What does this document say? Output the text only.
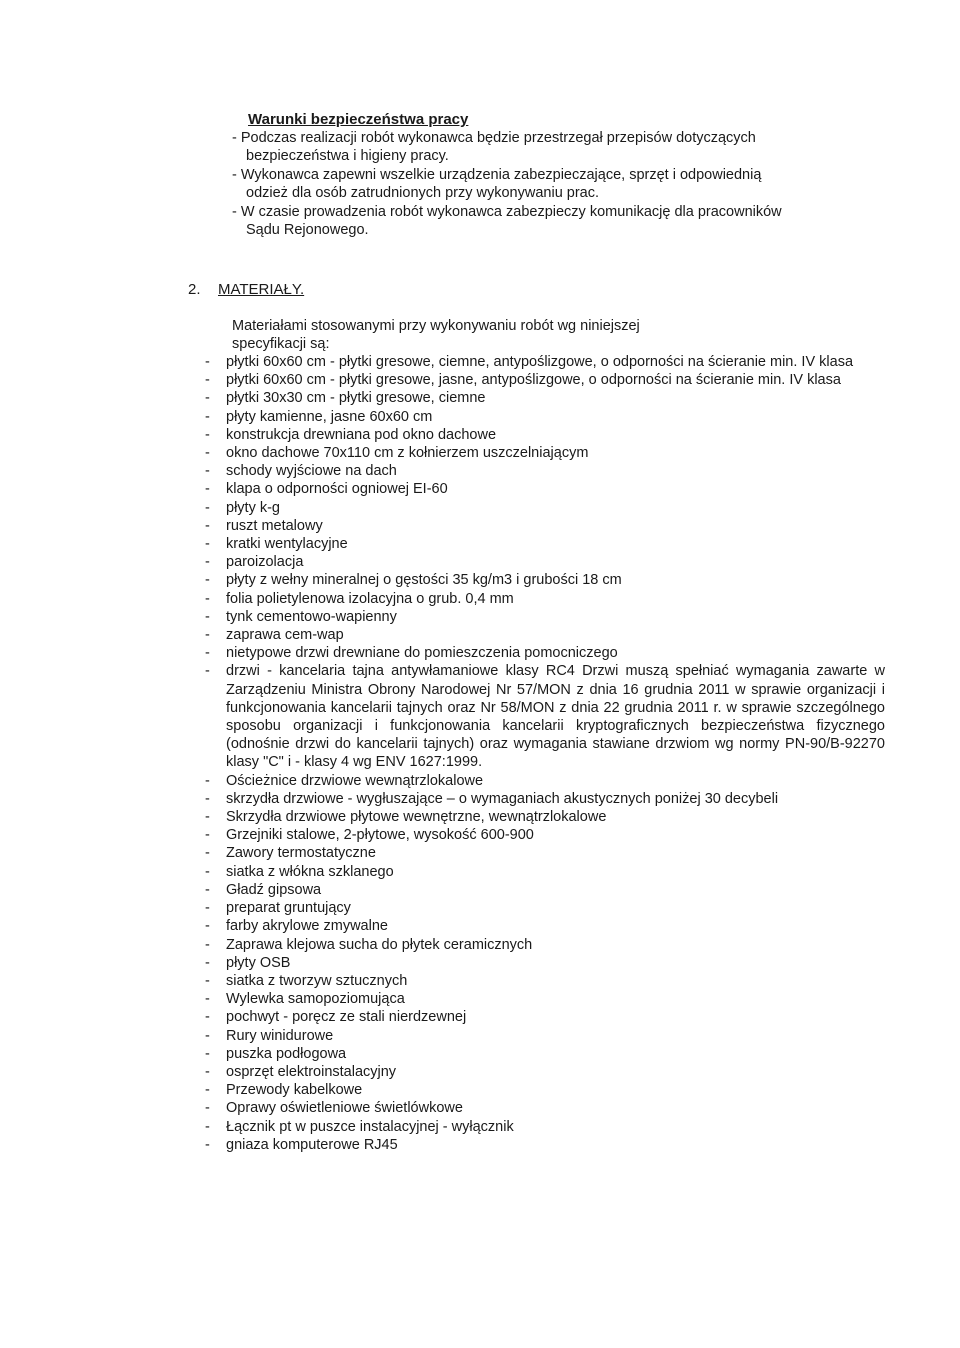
Warunki bezpieczeństwa pracy
- Podczas realizacji robót wykonawca będzie przestrzegał przepisów dotyczących bezpieczeństwa i higieny pracy.
- Wykonawca zapewni wszelkie urządzenia zabezpieczające, sprzęt i odpowiednią odzież dla osób zatrudnionych przy wykonywaniu prac.
- W czasie prowadzenia robót wykonawca zabezpieczy komunikację dla pracowników Sądu Rejonowego.
2. MATERIAŁY.
Materiałami stosowanymi przy wykonywaniu robót wg niniejszej specyfikacji są:
-	płytki 60x60 cm - płytki gresowe, ciemne, antypoślizgowe, o odporności na ścieranie min. IV klasa
-	płytki 60x60 cm - płytki gresowe, jasne, antypoślizgowe, o odporności na ścieranie min. IV klasa
-	płytki 30x30 cm - płytki gresowe, ciemne
-	płyty kamienne, jasne 60x60 cm
-	konstrukcja drewniana pod okno dachowe
-	okno dachowe 70x110 cm z kołnierzem uszczelniającym
-	schody wyjściowe na dach
-	klapa o odporności ogniowej EI-60
-	płyty k-g
-	ruszt metalowy
-	kratki wentylacyjne
-	paroizolacja
-	płyty z wełny mineralnej o gęstości 35 kg/m3 i grubości 18 cm
-	folia polietylenowa izolacyjna o grub. 0,4 mm
-	tynk cementowo-wapienny
-	zaprawa cem-wap
-	nietypowe drzwi drewniane do pomieszczenia pomocniczego
-	drzwi - kancelaria tajna antywłamaniowe klasy RC4 Drzwi muszą spełniać wymagania zawarte w Zarządzeniu Ministra Obrony Narodowej Nr 57/MON z dnia 16 grudnia 2011 w sprawie organizacji i funkcjonowania kancelarii tajnych oraz Nr 58/MON z dnia 22 grudnia 2011 r. w sprawie szczególnego sposobu organizacji i funkcjonowania kancelarii kryptograficznych bezpieczeństwa fizycznego (odnośnie drzwi do kancelarii tajnych) oraz wymagania stawiane drzwiom wg normy PN-90/B-92270 klasy "C" i - klasy 4 wg ENV 1627:1999.
-	Ościeżnice drzwiowe wewnątrzlokalowe
-	skrzydła drzwiowe - wygłuszające – o wymaganiach akustycznych poniżej 30 decybeli
-	Skrzydła drzwiowe płytowe wewnętrzne, wewnątrzlokalowe
-	Grzejniki stalowe, 2-płytowe, wysokość 600-900
-	Zawory termostatyczne
-	siatka z włókna szklanego
-	Gładź gipsowa
-	preparat gruntujący
-	farby akrylowe zmywalne
-	Zaprawa klejowa sucha do płytek ceramicznych
-	płyty OSB
-	siatka z tworzyw sztucznych
-	Wylewka samopoziomująca
-	pochwyt - poręcz ze stali nierdzewnej
-	Rury winidurowe
-	puszka podłogowa
-	osprzęt elektroinstalacyjny
-	Przewody kabelkowe
-	Oprawy oświetleniowe świetlówkowe
-	Łącznik pt w puszce instalacyjnej - wyłącznik
-	gniaza komputerowe RJ45
